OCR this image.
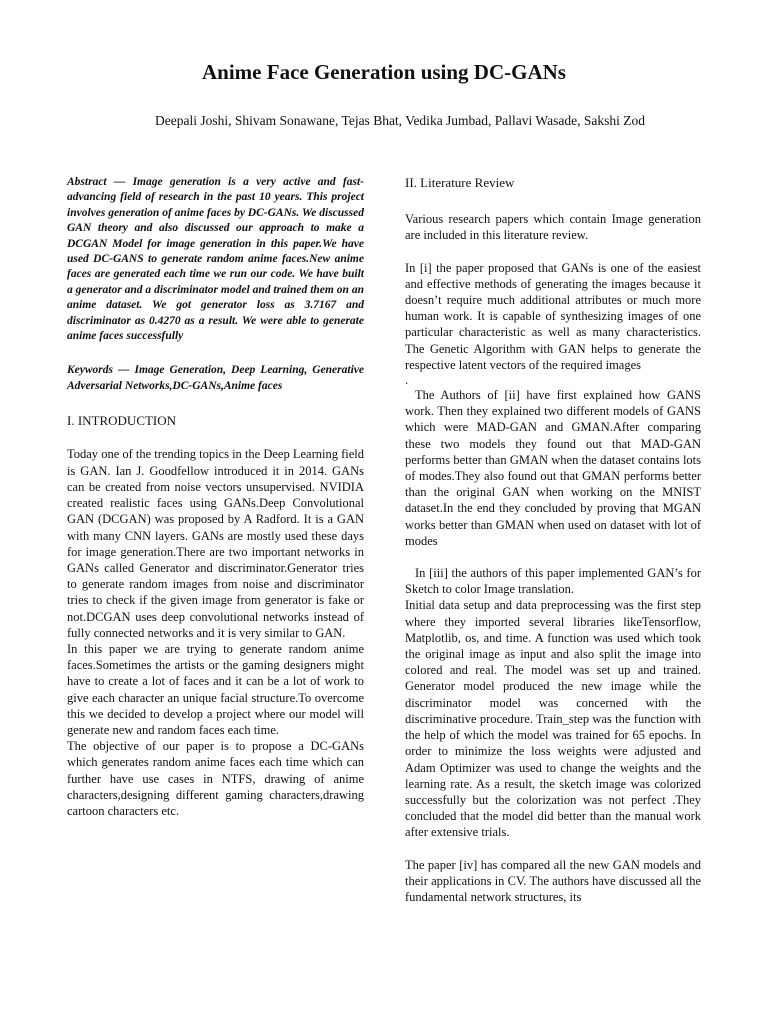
Anime Face Generation using DC-GANs

Deepali Joshi, Shivam Sonawane, Tejas Bhat, Vedika Jumbad, Pallavi Wasade, Sakshi Zod

Abstract — Image generation is a very active and fast-advancing field of research in the past 10 years. This project involves generation of anime faces by DC-GANs. We discussed GAN theory and also discussed our approach to make a DCGAN Model for image generation in this paper.We have used DC-GANS to generate random anime faces.New anime faces are generated each time we run our code. We have built a generator and a discriminator model and trained them on an anime dataset. We got generator loss as 3.7167 and discriminator as 0.4270 as a result. We were able to generate anime faces successfully

Keywords — Image Generation, Deep Learning, Generative Adversarial Networks,DC-GANs,Anime faces

I. INTRODUCTION

Today one of the trending topics in the Deep Learning field is GAN. Ian J. Goodfellow introduced it in 2014. GANs can be created from noise vectors unsupervised. NVIDIA created realistic faces using GANs.Deep Convolutional GAN (DCGAN) was proposed by A Radford. It is a GAN with many CNN layers. GANs are mostly used these days for image generation.There are two important networks in GANs called Generator and discriminator.Generator tries to generate random images from noise and discriminator tries to check if the given image from generator is fake or not.DCGAN uses deep convolutional networks instead of fully connected networks and it is very similar to GAN.

In this paper we are trying to generate random anime faces.Sometimes the artists or the gaming designers might have to create a lot of faces and it can be a lot of work to give each character an unique facial structure.To overcome this we decided to develop a project where our model will generate new and random faces each time.

The objective of our paper is to propose a DC-GANs which generates random anime faces each time which can further have use cases in NTFS, drawing of anime characters,designing different gaming characters,drawing cartoon characters etc.

II. Literature Review

Various research papers which contain Image generation are included in this literature review.

In [i] the paper proposed that GANs is one of the easiest and effective methods of generating the images because it doesn’t require much additional attributes or much more human work. It is capable of synthesizing images of one particular characteristic as well as many characteristics. The Genetic Algorithm with GAN helps to generate the respective latent vectors of the required images

.

The Authors of [ii] have first explained how GANS work. Then they explained two different models of GANS which were MAD-GAN and GMAN.After comparing these two models they found out that MAD-GAN performs better than GMAN when the dataset contains lots of modes.They also found out that GMAN performs better than the original GAN when working on the MNIST dataset.In the end they concluded by proving that MGAN works better than GMAN when used on dataset with lot of modes

In [iii] the authors of this paper implemented GAN’s for Sketch to color Image translation.

Initial data setup and data preprocessing was the first step where they imported several libraries likeTensorflow, Matplotlib, os, and time. A function was used which took the original image as input and also split the image into colored and real. The model was set up and trained. Generator model produced the new image while the discriminator model was concerned with the discriminative procedure. Train_step was the function with the help of which the model was trained for 65 epochs. In order to minimize the loss weights were adjusted and Adam Optimizer was used to change the weights and the learning rate. As a result, the sketch image was colorized successfully but the colorization was not perfect .They concluded that the model did better than the manual work after extensive trials.

The paper [iv] has compared all the new GAN models and their applications in CV. The authors have discussed all the fundamental network structures, its
